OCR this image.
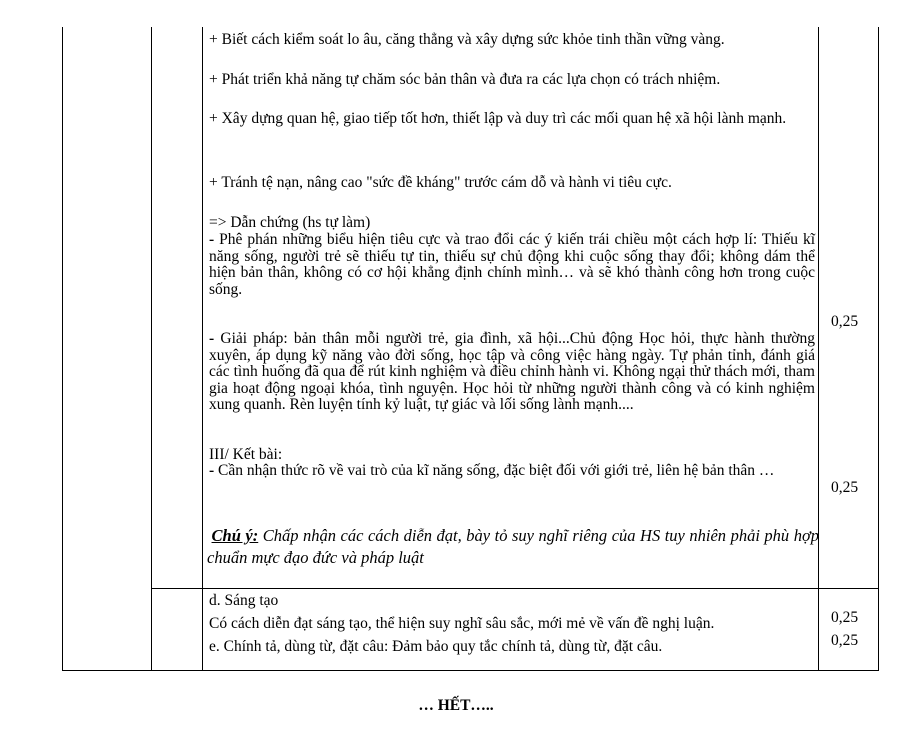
+ Biết cách kiểm soát lo âu, căng thẳng và xây dựng sức khỏe tinh thần vững vàng.

+ Phát triển khả năng tự chăm sóc bản thân và đưa ra các lựa chọn có trách nhiệm.

+ Xây dựng quan hệ, giao tiếp tốt hơn, thiết lập và duy trì các mối quan hệ xã hội lành mạnh.

+ Tránh tệ nạn, nâng cao "sức đề kháng" trước cám dỗ và hành vi tiêu cực.

=> Dẫn chứng (hs tự làm)

- Phê phán những biểu hiện tiêu cực và trao đổi các ý kiến trái chiều một cách hợp lí: Thiếu kĩ năng sống, người trẻ sẽ thiếu tự tin, thiếu sự chủ động khi cuộc sống thay đổi; không dám thể hiện bản thân, không có cơ hội khẳng định chính mình… và sẽ khó thành công hơn trong cuộc sống.

- Giải pháp: bản thân mỗi người trẻ, gia đình, xã hội...Chủ động Học hỏi, thực hành thường xuyên, áp dụng kỹ năng vào đời sống, học tập và công việc hàng ngày. Tự phản tỉnh, đánh giá các tình huống đã qua để rút kinh nghiệm và điều chỉnh hành vi. Không ngại thử thách mới, tham gia hoạt động ngoại khóa, tình nguyện. Học hỏi từ những người thành công và có kinh nghiệm xung quanh. Rèn luyện tính kỷ luật, tự giác và lối sống lành mạnh....

III/ Kết bài:

- Cần nhận thức rõ về vai trò của kĩ năng sống, đặc biệt đối với giới trẻ, liên hệ bản thân …

Chú ý: Chấp nhận các cách diễn đạt, bày tỏ suy nghĩ riêng của HS tuy nhiên phải phù hợp chuẩn mực đạo đức và pháp luật

0,25
0,25

d. Sáng tạo

Có cách diễn đạt sáng tạo, thể hiện suy nghĩ sâu sắc, mới mẻ về vấn đề nghị luận.

e. Chính tả, dùng từ, đặt câu: Đảm bảo quy tắc chính tả, dùng từ, đặt câu.

0,25
0,25
… HẾT…..
